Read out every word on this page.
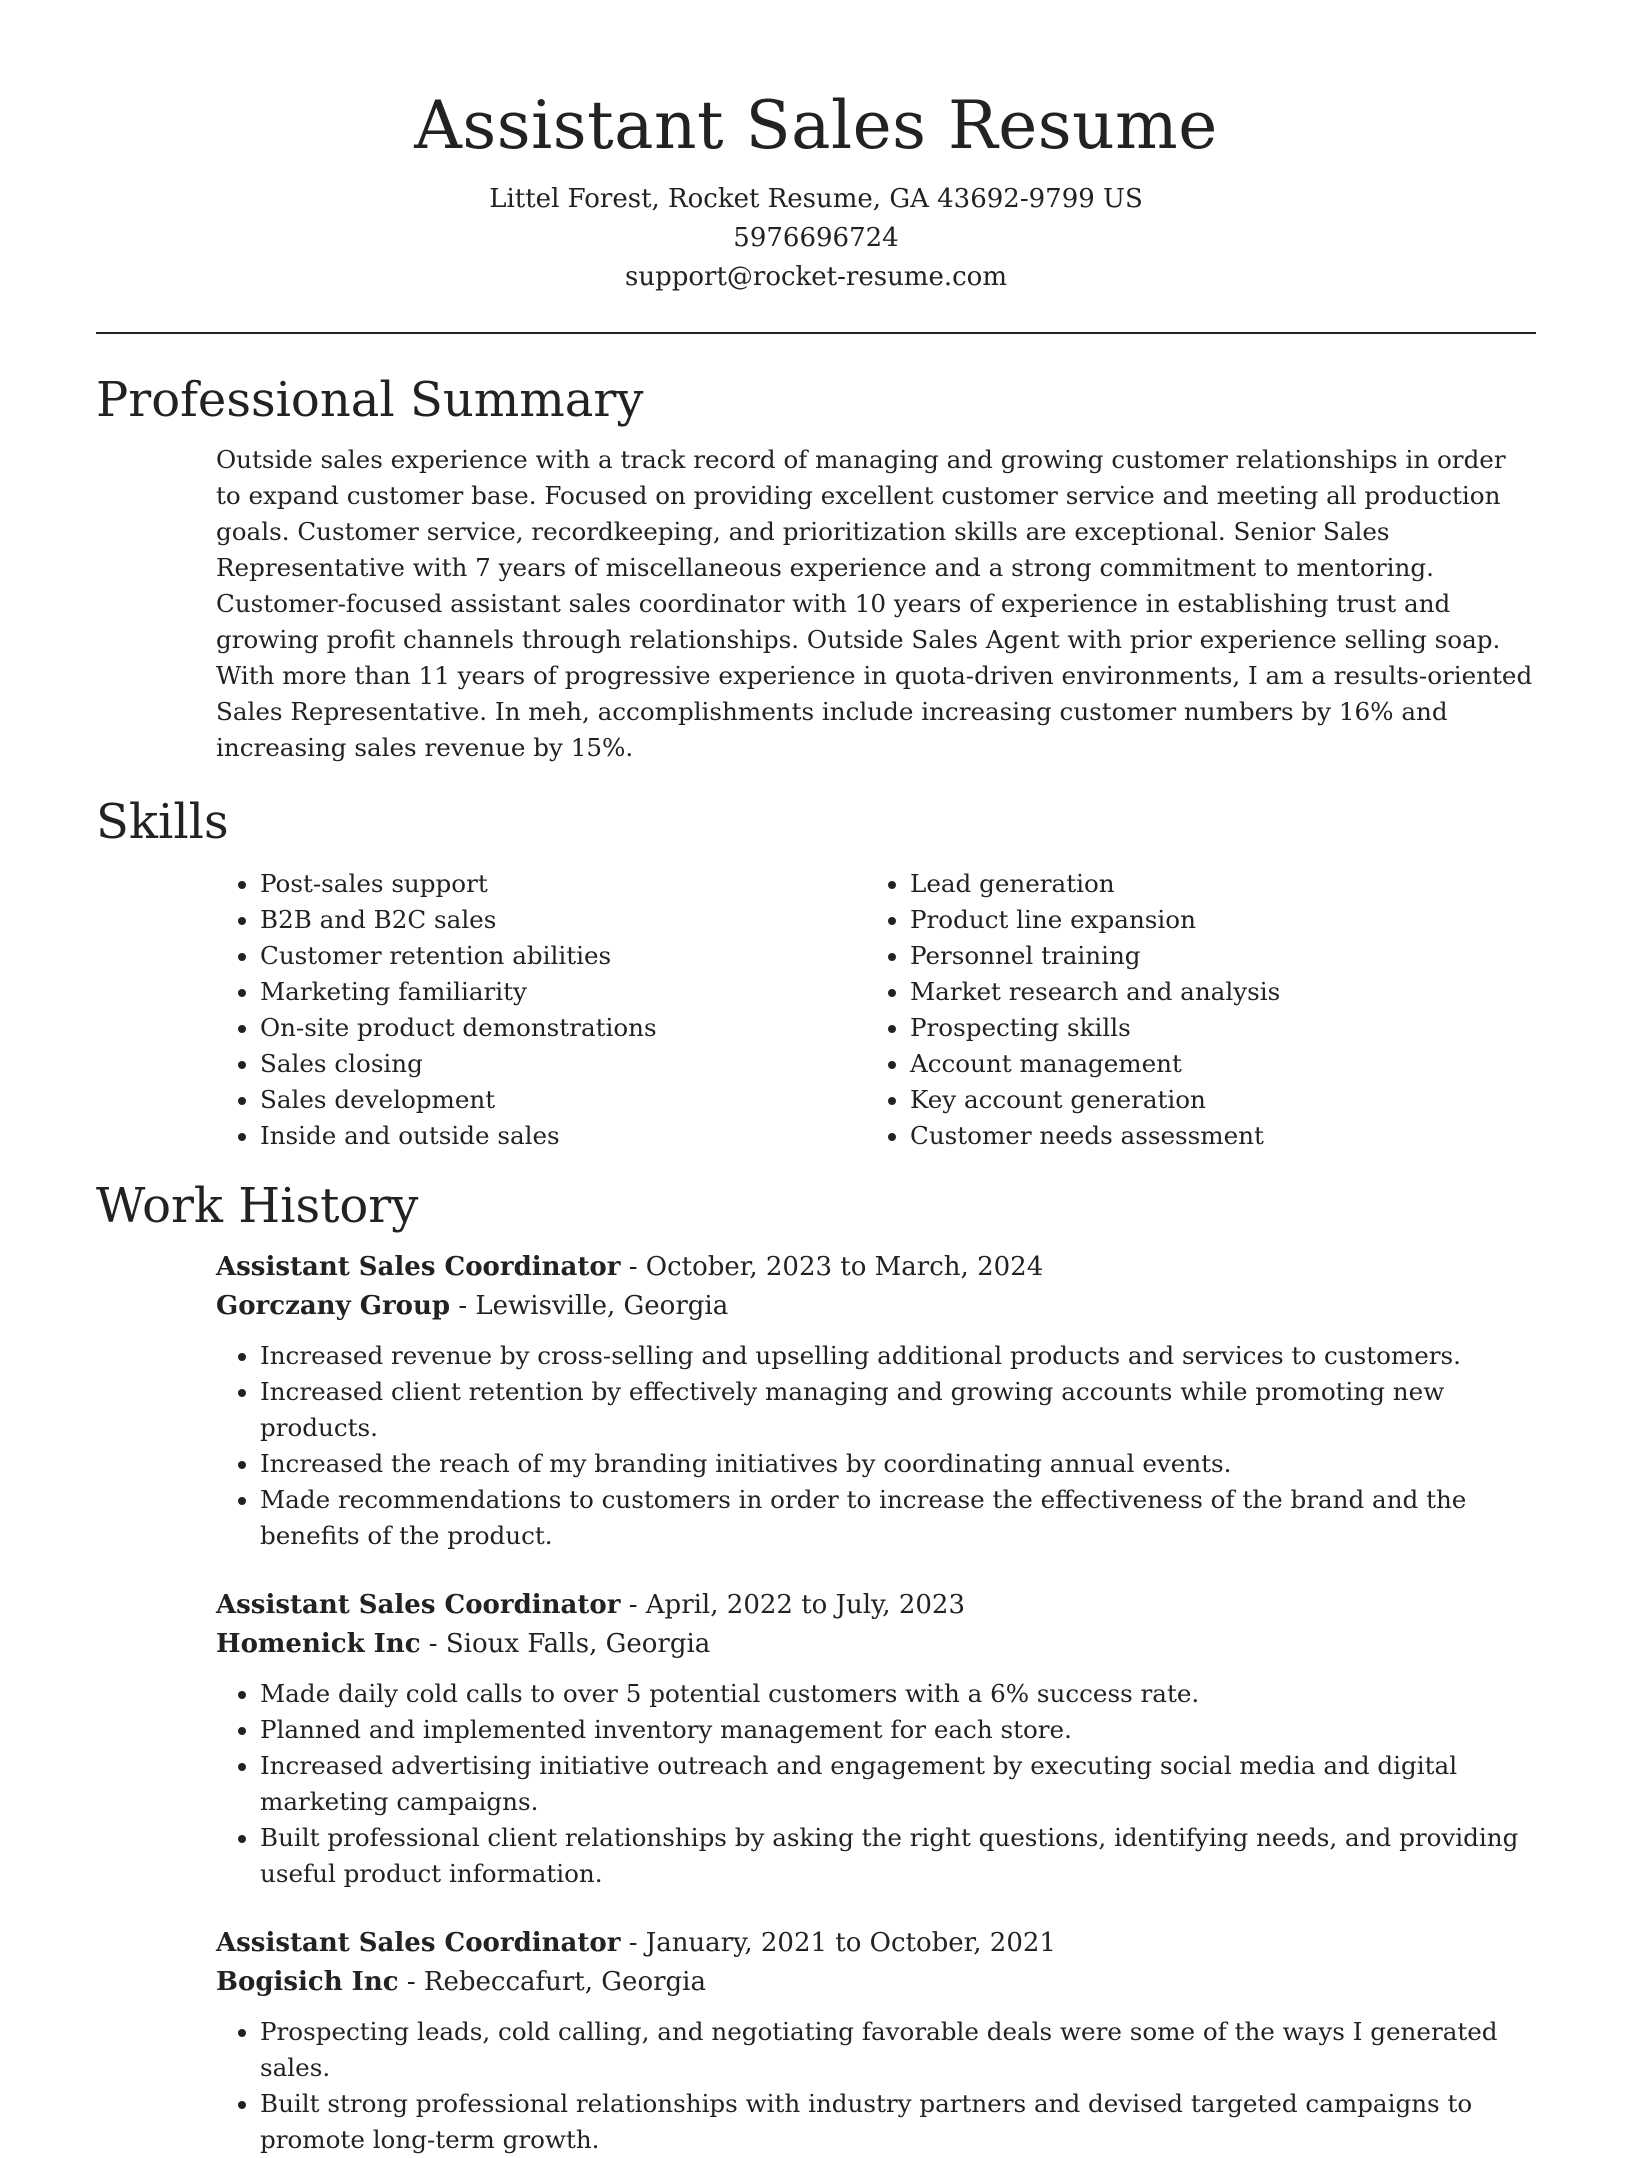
Assistant Sales Resume
Littel Forest, Rocket Resume, GA 43692-9799 US
5976696724
support@rocket-resume.com
Professional Summary

Outside sales experience with a track record of managing and growing customer relationships in order to expand customer base. Focused on providing excellent customer service and meeting all production goals. Customer service, recordkeeping, and prioritization skills are exceptional. Senior Sales Representative with 7 years of miscellaneous experience and a strong commitment to mentoring. Customer-focused assistant sales coordinator with 10 years of experience in establishing trust and growing profit channels through relationships. Outside Sales Agent with prior experience selling soap. With more than 11 years of progressive experience in quota-driven environments, I am a results-oriented Sales Representative. In meh, accomplishments include increasing customer numbers by 16% and increasing sales revenue by 15%.

Skills
• Post-sales support
• B2B and B2C sales
• Customer retention abilities
• Marketing familiarity
• On-site product demonstrations
• Sales closing
• Sales development
• Inside and outside sales
• Lead generation
• Product line expansion
• Personnel training
• Market research and analysis
• Prospecting skills
• Account management
• Key account generation
• Customer needs assessment
Work History
Assistant Sales Coordinator - October, 2023 to March, 2024
Gorczany Group - Lewisville, Georgia
• Increased revenue by cross-selling and upselling additional products and services to customers.
• Increased client retention by effectively managing and growing accounts while promoting new products.
• Increased the reach of my branding initiatives by coordinating annual events.
• Made recommendations to customers in order to increase the effectiveness of the brand and the benefits of the product.
Assistant Sales Coordinator - April, 2022 to July, 2023
Homenick Inc - Sioux Falls, Georgia
• Made daily cold calls to over 5 potential customers with a 6% success rate.
• Planned and implemented inventory management for each store.
• Increased advertising initiative outreach and engagement by executing social media and digital marketing campaigns.
• Built professional client relationships by asking the right questions, identifying needs, and providing useful product information.
Assistant Sales Coordinator - January, 2021 to October, 2021
Bogisich Inc - Rebeccafurt, Georgia
• Prospecting leads, cold calling, and negotiating favorable deals were some of the ways I generated sales.
• Built strong professional relationships with industry partners and devised targeted campaigns to promote long-term growth.
